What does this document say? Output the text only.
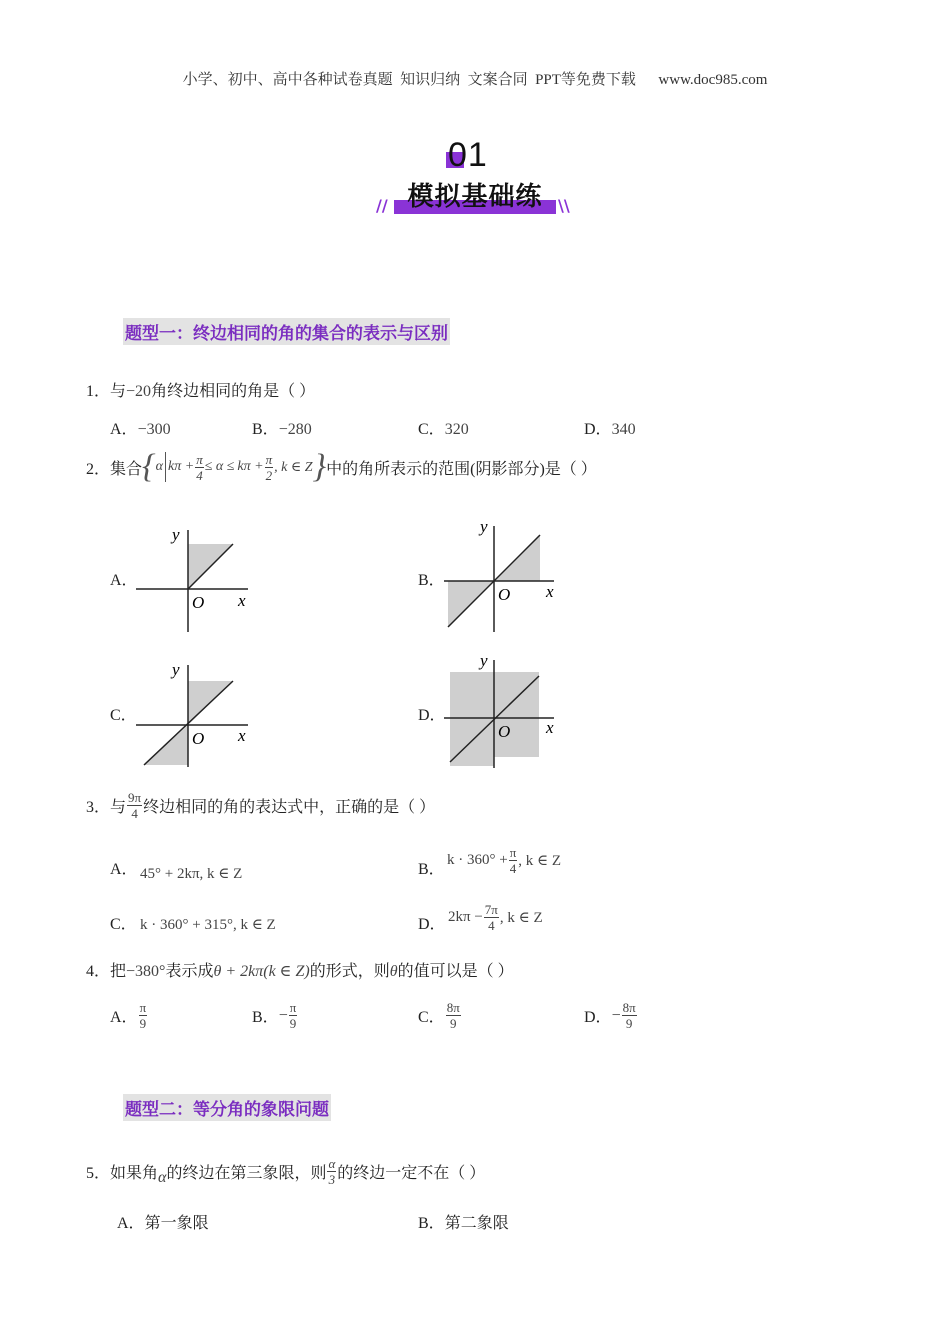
小学、初中、高中各种试卷真题  知识归纳  文案合同  PPT等免费下载      www.doc985.com
01
模拟基础练
//	\\
题型一：终边相同的角的集合的表示与区别
1．与−20角终边相同的角是（ ）
A．−300	B．−280	C．320	D．340
2． 集合 { α $k\pi + \frac{\pi}{4} \le \alpha \le k\pi + \frac{\pi}{2}$ , k ∈ Z } 中的角所表示的范围(阴影部分)是（ ）
A．
y
O x
B．
y
O x
C．
y
O x
D．
y
O x
3． 与 $\frac{9\pi}{4}$ 终边相同的角的表达式中，正确的是（ ）
A． 45° + 2kπ, k ∈ Z	B．
$k \cdot 360^\circ + \frac{\pi}{4}$ , k ∈ Z
C． k · 360° + 315°, k ∈ Z	D． $2k\pi - \frac{7\pi}{4}$ , k ∈ Z
4．把−380°表示成θ + 2kπ(k ∈ Z)的形式，则θ的值可以是（ ）
A． $\frac{\pi}{9}$	B． − $\frac{\pi}{9}$	C． $\frac{8\pi}{9}$	D． − $\frac{8\pi}{9}$
题型二：等分角的象限问题
5． 如果角 α 的终边在第三象限，则 $\frac{\alpha}{3}$ 的终边一定不在（ ）
A．第一象限	B．第二象限
